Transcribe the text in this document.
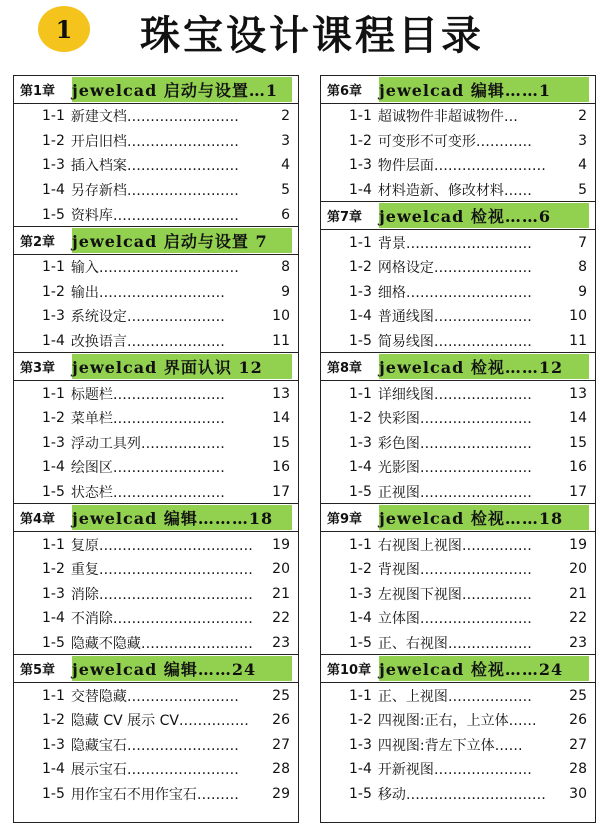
1	珠宝设计课程目录
第1章	jewelcad 启动与设置…1
1-1 新建文档……………………	2
1-2 开启旧档……………………	3
1-3 插入档案……………………	4
1-4 另存新档……………………	5
1-5 资料库………………………	6
第2章	jewelcad 启动与设置 7
1-1 输入…………………………	8
1-2 输出………………………	9
1-3 系统设定…………………	10
1-4 改换语言…………………	11
第3章	jewelcad 界面认识 12
1-1 标题栏……………………	13
1-2 菜单栏……………………	14
1-3 浮动工具列………………	15
1-4 绘图区……………………	16
1-5 状态栏……………………	17
第4章	jewelcad 编辑………18
1-1 复原……………………………	19
1-2 重复……………………………	20
1-3 消除……………………………	21
1-4 不消除…………………………	22
1-5 隐藏不隐藏……………………	23
第5章	jewelcad 编辑……24
1-1 交替隐藏……………………	25
1-2 隐藏 CV 展示 CV……………	26
1-3 隐藏宝石……………………	27
1-4 展示宝石……………………	28
1-5 用作宝石不用作宝石………	29
第6章	jewelcad 编辑……1
1-1 超诚物件非超诚物件…	2
1-2 可变形不可变形…………	3
1-3 物件层面……………………	4
1-4 材料造新、修改材料……	5
第7章	jewelcad 检视……6
1-1 背景………………………	7
1-2 网格设定…………………	8
1-3 细格………………………	9
1-4 普通线图…………………	10
1-5 简易线图…………………	11
第8章	jewelcad 检视……12
1-1 详细线图…………………	13
1-2 快彩图……………………	14
1-3 彩色图……………………	15
1-4 光影图……………………	16
1-5 正视图……………………	17
第9章	jewelcad 检视……18
1-1 右视图上视图……………	19
1-2 背视图……………………	20
1-3 左视图下视图……………	21
1-4 立体图……………………	22
1-5 正、右视图………………	23
第10章 jewelcad 检视……24
1-1 正、上视图………………	25
1-2 四视图:正右，上立体……	26
1-3 四视图:背左下立体……	27
1-4 开新视图…………………	28
1-5 移动…………………………	30
